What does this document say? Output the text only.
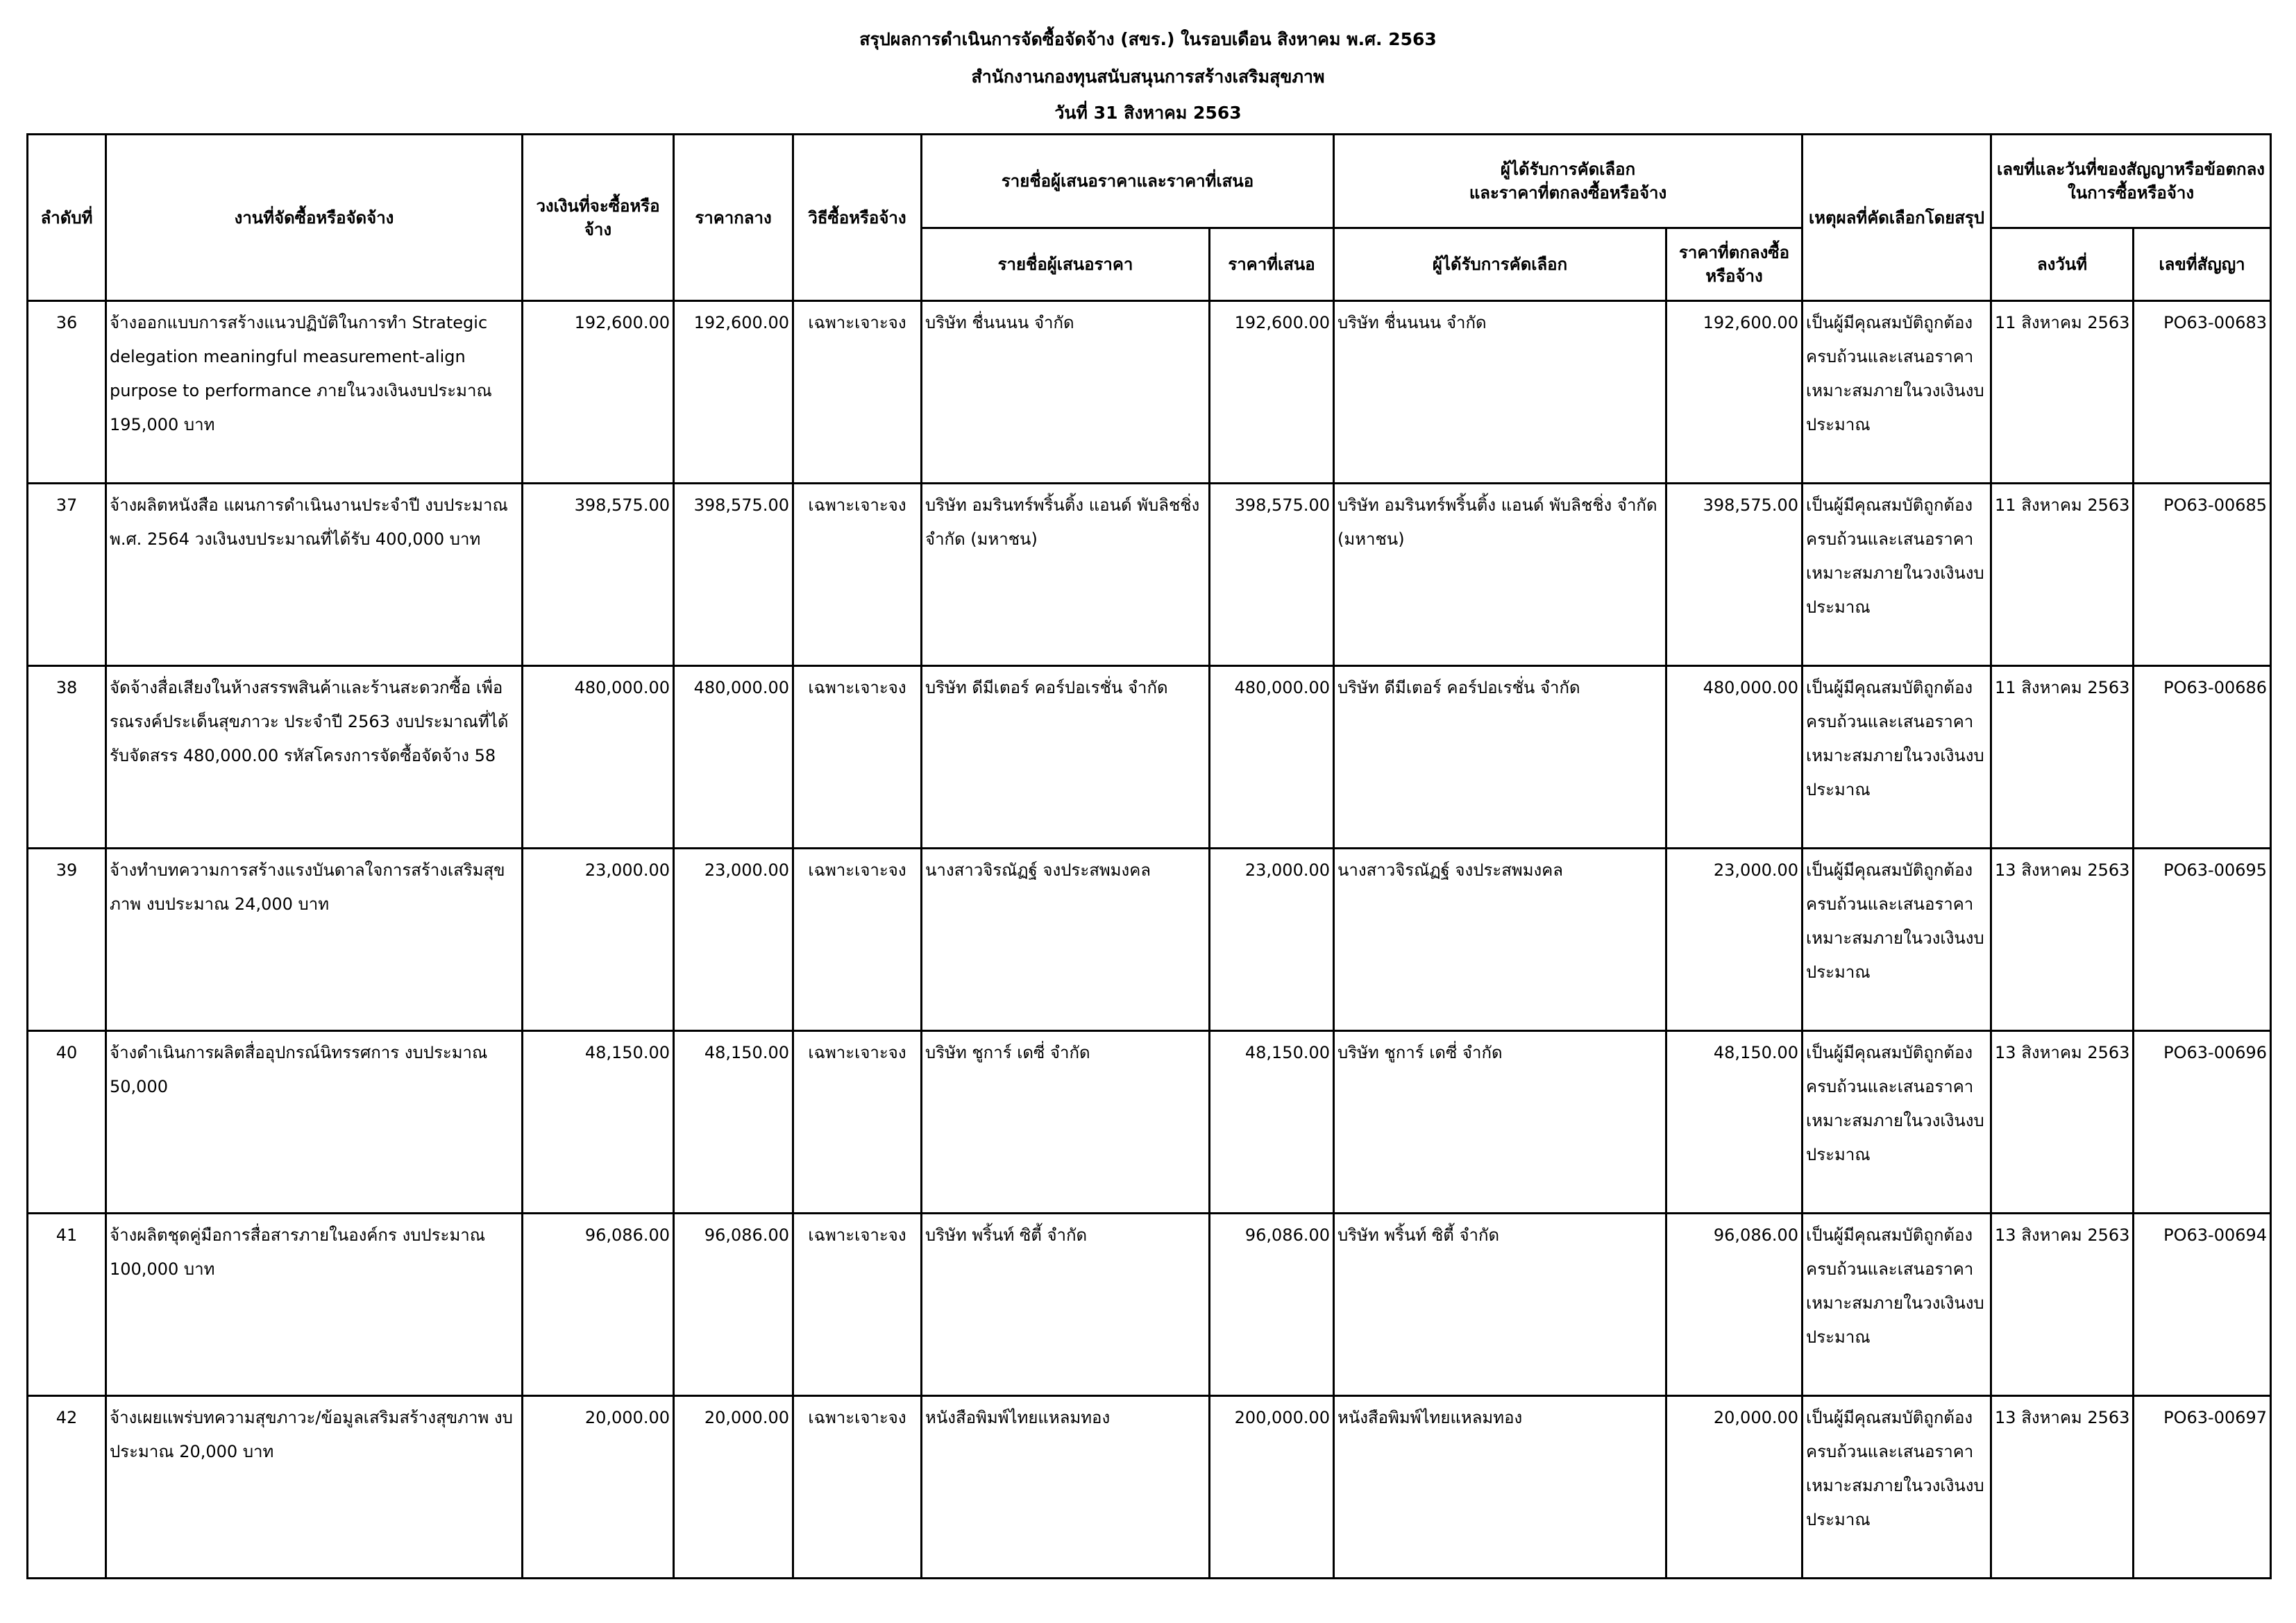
สรุปผลการดำเนินการจัดซื้อจัดจ้าง (สขร.) ในรอบเดือน สิงหาคม พ.ศ. 2563
สำนักงานกองทุนสนับสนุนการสร้างเสริมสุขภาพ
วันที่ 31 สิงหาคม 2563
ลำดับที่	งานที่จัดซื้อหรือจัดจ้าง	วงเงินที่จะซื้อหรือจ้าง	ราคากลาง	วิธีซื้อหรือจ้าง	รายชื่อผู้เสนอราคาและราคาที่เสนอ		ผู้ได้รับการคัดเลือก
และราคาที่ตกลงซื้อหรือจ้าง		เหตุผลที่คัดเลือกโดยสรุป	เลขที่และวันที่ของสัญญาหรือข้อตกลงในการซื้อหรือจ้าง	
					รายชื่อผู้เสนอราคา	ราคาที่เสนอ	ผู้ได้รับการคัดเลือก	ราคาที่ตกลงซื้อหรือจ้าง		ลงวันที่	เลขที่สัญญา
36	จ้างออกแบบการสร้างแนวปฏิบัติในการทำ Strategic delegation meaningful measurement-align purpose to performance ภายในวงเงินงบประมาณ 195,000 บาท	192,600.00	192,600.00	เฉพาะเจาะจง	บริษัท ชื่นนนน จำกัด	192,600.00	บริษัท ชื่นนนน จำกัด	192,600.00	เป็นผู้มีคุณสมบัติถูกต้องครบถ้วนและเสนอราคาเหมาะสมภายในวงเงินงบประมาณ	11 สิงหาคม 2563	PO63-00683
37	จ้างผลิตหนังสือ แผนการดำเนินงานประจำปี งบประมาณ พ.ศ. 2564 วงเงินงบประมาณที่ได้รับ 400,000 บาท	398,575.00	398,575.00	เฉพาะเจาะจง	บริษัท อมรินทร์พริ้นติ้ง แอนด์ พับลิชชิ่ง จำกัด (มหาชน)	398,575.00	บริษัท อมรินทร์พริ้นติ้ง แอนด์ พับลิชชิ่ง จำกัด (มหาชน)	398,575.00	เป็นผู้มีคุณสมบัติถูกต้องครบถ้วนและเสนอราคาเหมาะสมภายในวงเงินงบประมาณ	11 สิงหาคม 2563	PO63-00685
38	จัดจ้างสื่อเสียงในห้างสรรพสินค้าและร้านสะดวกซื้อ เพื่อรณรงค์ประเด็นสุขภาวะ ประจำปี 2563 งบประมาณที่ได้รับจัดสรร 480,000.00 รหัสโครงการจัดซื้อจัดจ้าง 58	480,000.00	480,000.00	เฉพาะเจาะจง	บริษัท ดีมีเตอร์ คอร์ปอเรชั่น จำกัด	480,000.00	บริษัท ดีมีเตอร์ คอร์ปอเรชั่น จำกัด	480,000.00	เป็นผู้มีคุณสมบัติถูกต้องครบถ้วนและเสนอราคาเหมาะสมภายในวงเงินงบประมาณ	11 สิงหาคม 2563	PO63-00686
39	จ้างทำบทความการสร้างแรงบันดาลใจการสร้างเสริมสุขภาพ งบประมาณ 24,000 บาท	23,000.00	23,000.00	เฉพาะเจาะจง	นางสาวจิรณัฏฐ์ จงประสพมงคล	23,000.00	นางสาวจิรณัฏฐ์ จงประสพมงคล	23,000.00	เป็นผู้มีคุณสมบัติถูกต้องครบถ้วนและเสนอราคาเหมาะสมภายในวงเงินงบประมาณ	13 สิงหาคม 2563	PO63-00695
40	จ้างดำเนินการผลิตสื่ออุปกรณ์นิทรรศการ งบประมาณ 50,000	48,150.00	48,150.00	เฉพาะเจาะจง	บริษัท ชูการ์ เดซี่ จำกัด	48,150.00	บริษัท ชูการ์ เดซี่ จำกัด	48,150.00	เป็นผู้มีคุณสมบัติถูกต้องครบถ้วนและเสนอราคาเหมาะสมภายในวงเงินงบประมาณ	13 สิงหาคม 2563	PO63-00696
41	จ้างผลิตชุดคู่มือการสื่อสารภายในองค์กร งบประมาณ 100,000 บาท	96,086.00	96,086.00	เฉพาะเจาะจง	บริษัท พริ้นท์ ซิตี้ จำกัด	96,086.00	บริษัท พริ้นท์ ซิตี้ จำกัด	96,086.00	เป็นผู้มีคุณสมบัติถูกต้องครบถ้วนและเสนอราคาเหมาะสมภายในวงเงินงบประมาณ	13 สิงหาคม 2563	PO63-00694
42	จ้างเผยแพร่บทความสุขภาวะ/ข้อมูลเสริมสร้างสุขภาพ งบประมาณ 20,000 บาท	20,000.00	20,000.00	เฉพาะเจาะจง	หนังสือพิมพ์ไทยแหลมทอง	200,000.00	หนังสือพิมพ์ไทยแหลมทอง	20,000.00	เป็นผู้มีคุณสมบัติถูกต้องครบถ้วนและเสนอราคาเหมาะสมภายในวงเงินงบประมาณ	13 สิงหาคม 2563	PO63-00697
